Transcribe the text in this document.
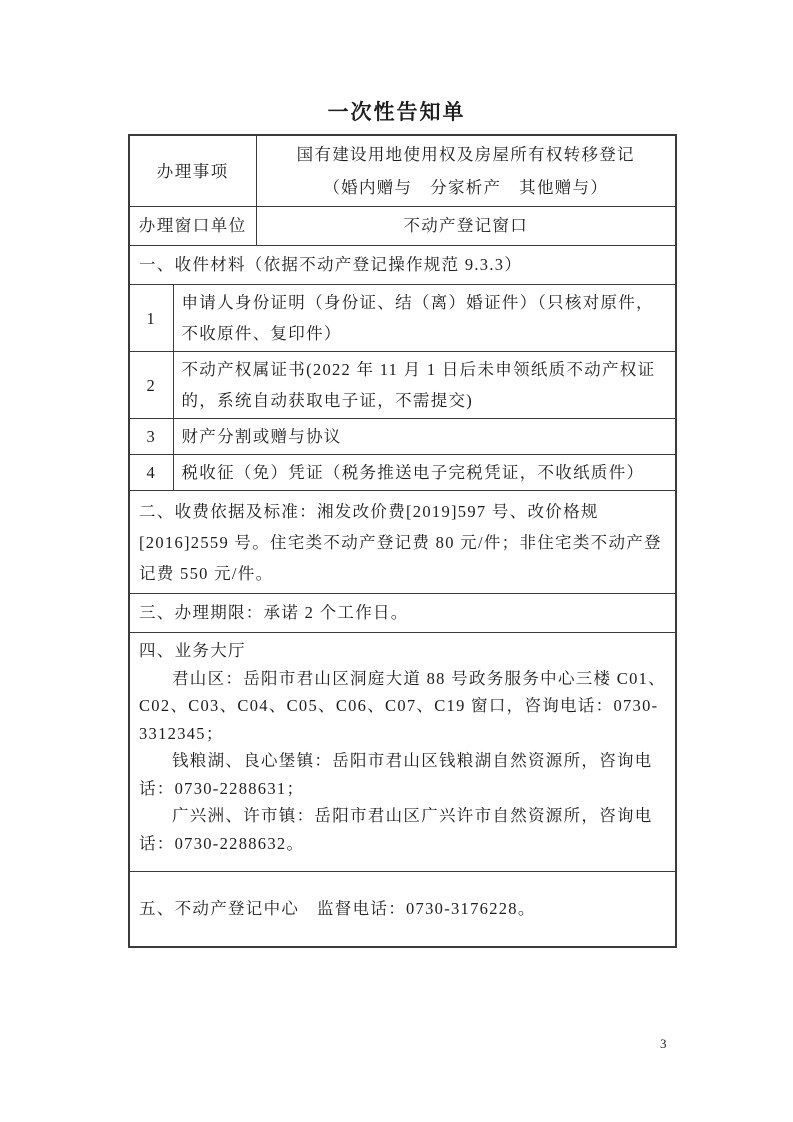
一次性告知单
办理事项		国有建设用地使用权及房屋所有权转移登记
（婚内赠与　分家析产　其他赠与）

办理窗口单位		不动产登记窗口
一、收件材料（依据不动产登记操作规范 9.3.3）		
1	申请人身份证明（身份证、结（离）婚证件）（只核对原件，不收原件、复印件）	
2	不动产权属证书(2022 年 11 月 1 日后未申领纸质不动产权证的，系统自动获取电子证，不需提交)	
3	财产分割或赠与协议	
4	税收征（免）凭证（税务推送电子完税凭证，不收纸质件）	
二、收费依据及标准：湘发改价费[2019]597 号、改价格规[2016]2559 号。住宅类不动产登记费 80 元/件；非住宅类不动产登记费 550 元/件。		
三、办理期限：承诺 2 个工作日。		

四、业务大厅

君山区：岳阳市君山区洞庭大道 88 号政务服务中心三楼 C01、C02、C03、C04、C05、C06、C07、C19 窗口，咨询电话：0730-3312345；

钱粮湖、良心堡镇：岳阳市君山区钱粮湖自然资源所，咨询电话：0730-2288631；

广兴洲、许市镇：岳阳市君山区广兴许市自然资源所，咨询电话：0730-2288632。		

五、不动产登记中心　监督电话：0730-3176228。		
3
